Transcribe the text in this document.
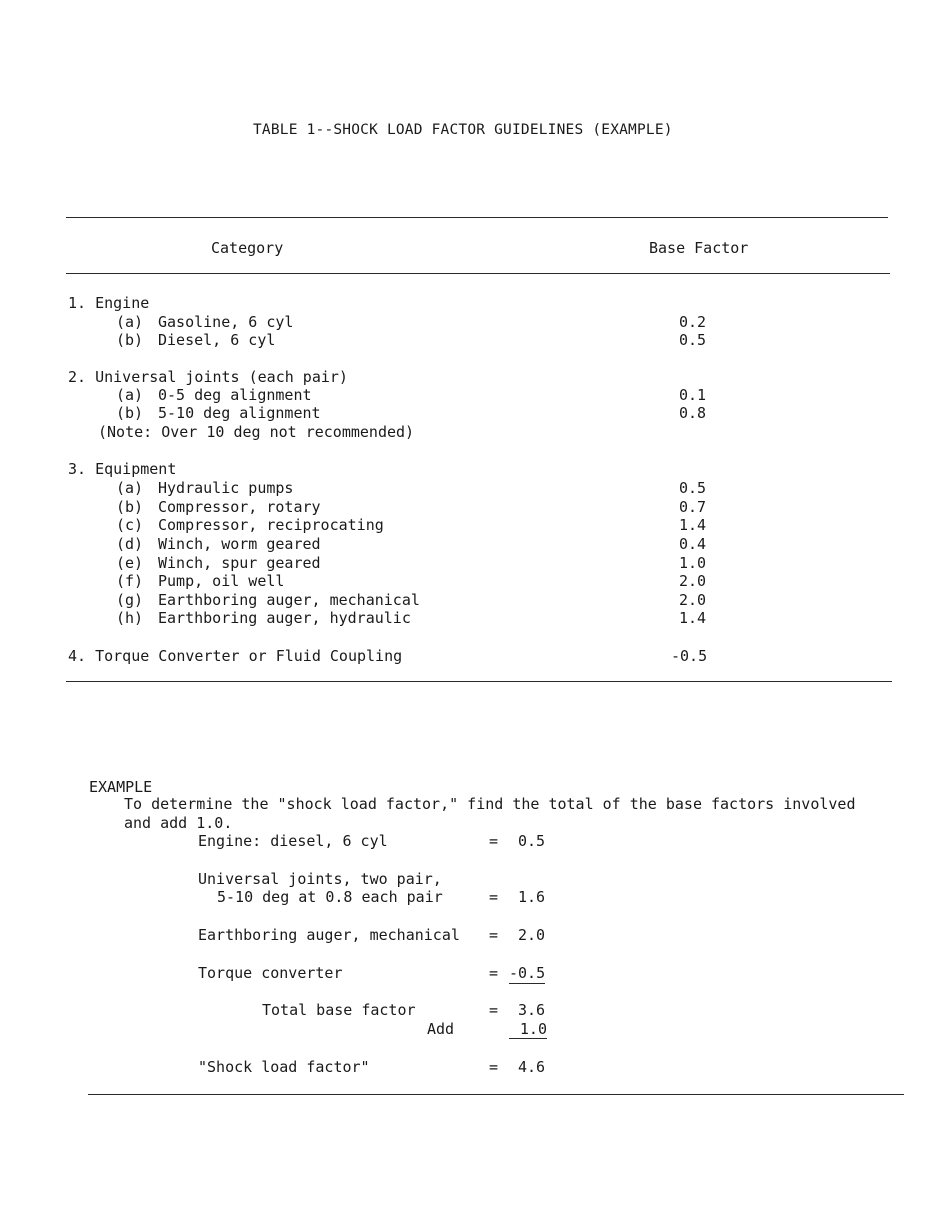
TABLE 1--SHOCK LOAD FACTOR GUIDELINES (EXAMPLE)
Category	Base Factor
1. Engine
(a) Gasoline, 6 cyl	0.2
(b) Diesel, 6 cyl	0.5
2. Universal joints (each pair)
(a) 0-5 deg alignment	0.1
(b) 5-10 deg alignment	0.8
(Note: Over 10 deg not recommended)
3. Equipment
(a) Hydraulic pumps	0.5
(b) Compressor, rotary	0.7
(c) Compressor, reciprocating	1.4
(d) Winch, worm geared	0.4
(e) Winch, spur geared	1.0
(f) Pump, oil well	2.0
(g) Earthboring auger, mechanical	2.0
(h) Earthboring auger, hydraulic	1.4
4. Torque Converter or Fluid Coupling	-0.5
EXAMPLE
To determine the "shock load factor," find the total of the base factors involved
and add 1.0.
Engine: diesel, 6 cyl	= 0.5
Universal joints, two pair,
5-10 deg at 0.8 each pair	= 1.6
Earthboring auger, mechanical = 2.0
Torque converter	= -0.5
Total base factor	= 3.6
Add	1.0
"Shock load factor"	= 4.6
